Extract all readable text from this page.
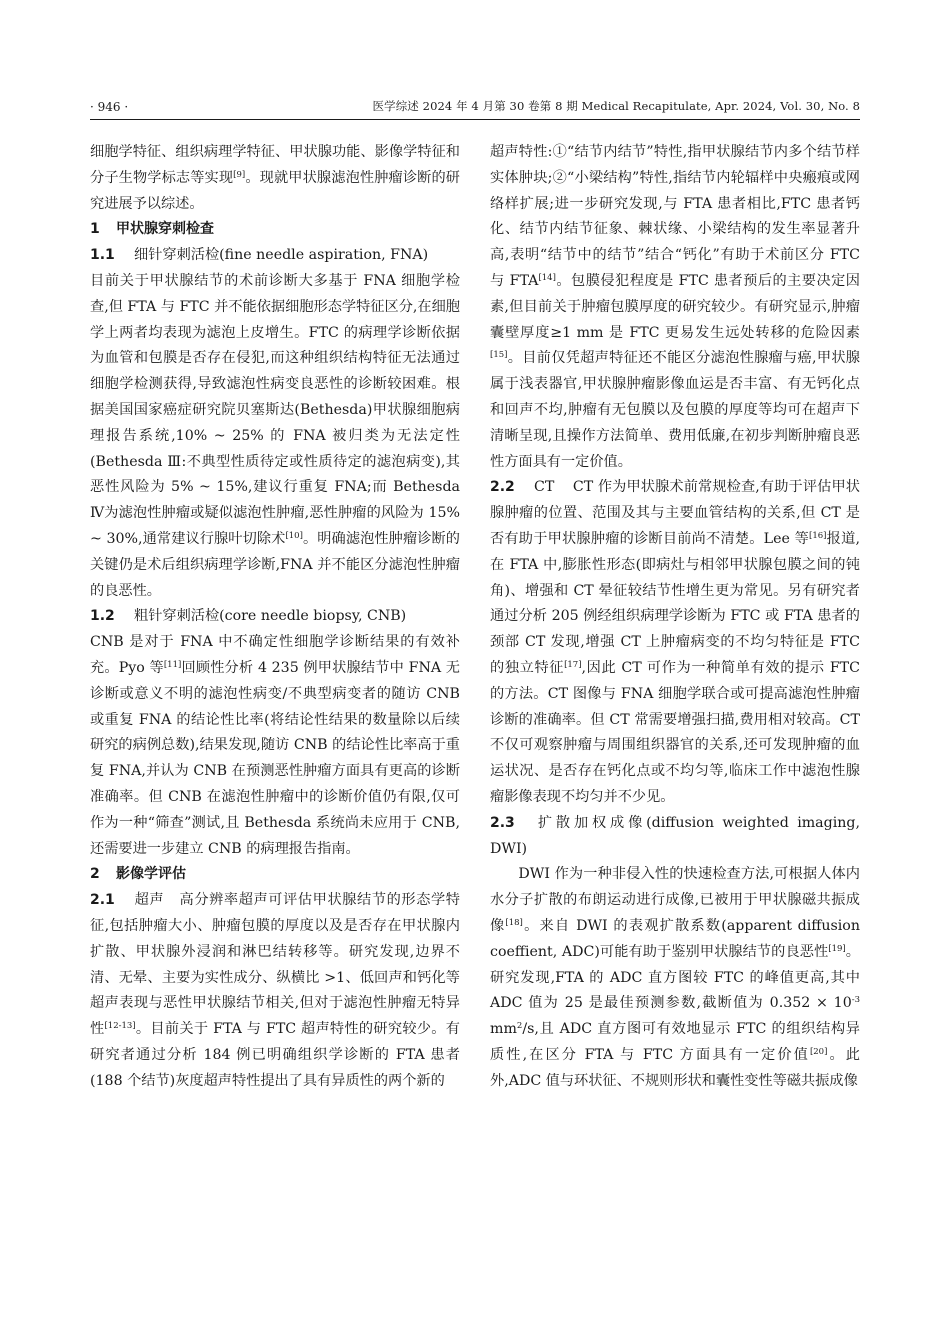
· 946 ·	医学综述 2024 年 4 月第 30 卷第 8 期 Medical Recapitulate, Apr. 2024, Vol. 30, No. 8

细胞学特征、组织病理学特征、甲状腺功能、影像学特征和分子生物学标志等实现[9]。现就甲状腺滤泡性肿瘤诊断的研究进展予以综述。

1 甲状腺穿刺检查

1.1 细针穿刺活检(fine needle aspiration, FNA)

目前关于甲状腺结节的术前诊断大多基于 FNA 细胞学检查,但 FTA 与 FTC 并不能依据细胞形态学特征区分,在细胞学上两者均表现为滤泡上皮增生。FTC 的病理学诊断依据为血管和包膜是否存在侵犯,而这种组织结构特征无法通过细胞学检测获得,导致滤泡性病变良恶性的诊断较困难。根据美国国家癌症研究院贝塞斯达(Bethesda)甲状腺细胞病理报告系统,10% ~ 25% 的 FNA 被归类为无法定性(Bethesda Ⅲ:不典型性质待定或性质待定的滤泡病变),其恶性风险为 5% ~ 15%,建议行重复 FNA;而 Bethesda Ⅳ为滤泡性肿瘤或疑似滤泡性肿瘤,恶性肿瘤的风险为 15% ~ 30%,通常建议行腺叶切除术[10]。明确滤泡性肿瘤诊断的关键仍是术后组织病理学诊断,FNA 并不能区分滤泡性肿瘤的良恶性。

1.2 粗针穿刺活检(core needle biopsy, CNB)

CNB 是对于 FNA 中不确定性细胞学诊断结果的有效补充。Pyo 等[11]回顾性分析 4 235 例甲状腺结节中 FNA 无诊断或意义不明的滤泡性病变/不典型病变者的随访 CNB 或重复 FNA 的结论性比率(将结论性结果的数量除以后续研究的病例总数),结果发现,随访 CNB 的结论性比率高于重复 FNA,并认为 CNB 在预测恶性肿瘤方面具有更高的诊断准确率。但 CNB 在滤泡性肿瘤中的诊断价值仍有限,仅可作为一种“筛查”测试,且 Bethesda 系统尚未应用于 CNB,还需要进一步建立 CNB 的病理报告指南。

2 影像学评估

2.1 超声 高分辨率超声可评估甲状腺结节的形态学特征,包括肿瘤大小、肿瘤包膜的厚度以及是否存在甲状腺内扩散、甲状腺外浸润和淋巴结转移等。研究发现,边界不清、无晕、主要为实性成分、纵横比 >1、低回声和钙化等超声表现与恶性甲状腺结节相关,但对于滤泡性肿瘤无特异性[12-13]。目前关于 FTA 与 FTC 超声特性的研究较少。有研究者通过分析 184 例已明确组织学诊断的 FTA 患者(188 个结节)灰度超声特性提出了具有异质性的两个新的

超声特性:①“结节内结节”特性,指甲状腺结节内多个结节样实体肿块;②“小梁结构”特性,指结节内轮辐样中央瘢痕或网络样扩展;进一步研究发现,与 FTA 患者相比,FTC 患者钙化、结节内结节征象、棘状缘、小梁结构的发生率显著升高,表明“结节中的结节”结合“钙化”有助于术前区分 FTC 与 FTA[14]。包膜侵犯程度是 FTC 患者预后的主要决定因素,但目前关于肿瘤包膜厚度的研究较少。有研究显示,肿瘤囊壁厚度≥1 mm 是 FTC 更易发生远处转移的危险因素[15]。目前仅凭超声特征还不能区分滤泡性腺瘤与癌,甲状腺属于浅表器官,甲状腺肿瘤影像血运是否丰富、有无钙化点和回声不均,肿瘤有无包膜以及包膜的厚度等均可在超声下清晰呈现,且操作方法简单、费用低廉,在初步判断肿瘤良恶性方面具有一定价值。

2.2 CT CT 作为甲状腺术前常规检查,有助于评估甲状腺肿瘤的位置、范围及其与主要血管结构的关系,但 CT 是否有助于甲状腺肿瘤的诊断目前尚不清楚。Lee 等[16]报道,在 FTA 中,膨胀性形态(即病灶与相邻甲状腺包膜之间的钝角)、增强和 CT 晕征较结节性增生更为常见。另有研究者通过分析 205 例经组织病理学诊断为 FTC 或 FTA 患者的颈部 CT 发现,增强 CT 上肿瘤病变的不均匀特征是 FTC 的独立特征[17],因此 CT 可作为一种简单有效的提示 FTC 的方法。CT 图像与 FNA 细胞学联合或可提高滤泡性肿瘤诊断的准确率。但 CT 常需要增强扫描,费用相对较高。CT 不仅可观察肿瘤与周围组织器官的关系,还可发现肿瘤的血运状况、是否存在钙化点或不均匀等,临床工作中滤泡性腺瘤影像表现不均匀并不少见。

2.3 扩散加权成像(diffusion weighted imaging, DWI)

DWI 作为一种非侵入性的快速检查方法,可根据人体内水分子扩散的布朗运动进行成像,已被用于甲状腺磁共振成像[18]。来自 DWI 的表观扩散系数(apparent diffusion coeffient, ADC)可能有助于鉴别甲状腺结节的良恶性[19]。研究发现,FTA 的 ADC 直方图较 FTC 的峰值更高,其中 ADC 值为 25 是最佳预测参数,截断值为 $0.352 \times 10^{-3}$ $mm^2/s$,且 ADC 直方图可有效地显示 FTC 的组织结构异质性,在区分 FTA 与 FTC 方面具有一定价值[20]。此外,ADC 值与环状征、不规则形状和囊性变性等磁共振成像
